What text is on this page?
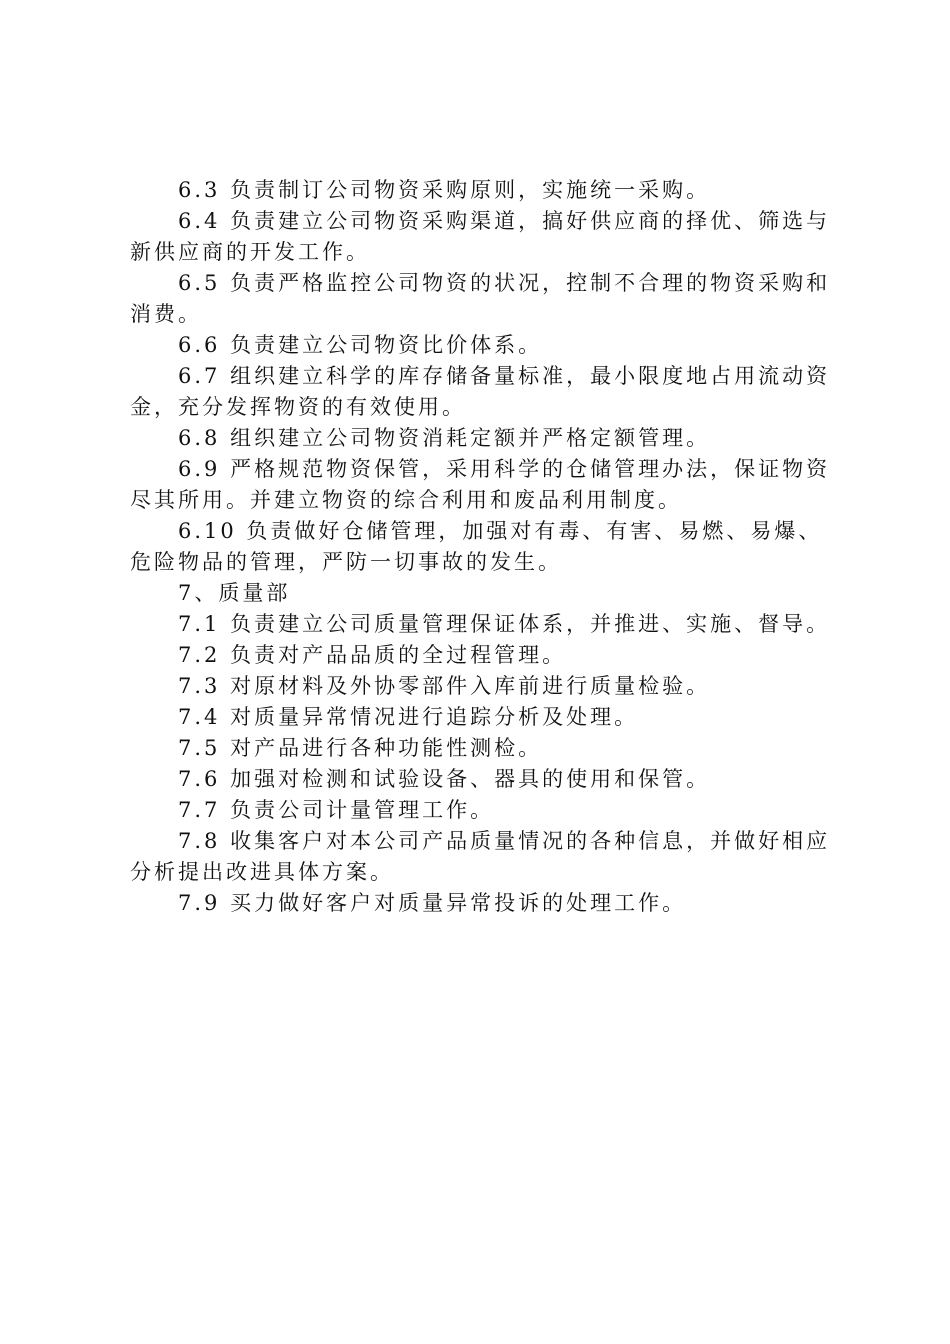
6.3 负责制订公司物资采购原则，实施统一采购。

6.4 负责建立公司物资采购渠道，搞好供应商的择优、筛选与新供应商的开发工作。

6.5 负责严格监控公司物资的状况，控制不合理的物资采购和消费。

6.6 负责建立公司物资比价体系。

6.7 组织建立科学的库存储备量标准，最小限度地占用流动资金，充分发挥物资的有效使用。

6.8 组织建立公司物资消耗定额并严格定额管理。

6.9 严格规范物资保管，采用科学的仓储管理办法，保证物资尽其所用。并建立物资的综合利用和废品利用制度。

6.10 负责做好仓储管理，加强对有毒、有害、易燃、易爆、危险物品的管理，严防一切事故的发生。

7、质量部

7.1 负责建立公司质量管理保证体系，并推进、实施、督导。

7.2 负责对产品品质的全过程管理。

7.3 对原材料及外协零部件入库前进行质量检验。

7.4 对质量异常情况进行追踪分析及处理。

7.5 对产品进行各种功能性测检。

7.6 加强对检测和试验设备、器具的使用和保管。

7.7 负责公司计量管理工作。

7.8 收集客户对本公司产品质量情况的各种信息，并做好相应分析提出改进具体方案。

7.9 买力做好客户对质量异常投诉的处理工作。
